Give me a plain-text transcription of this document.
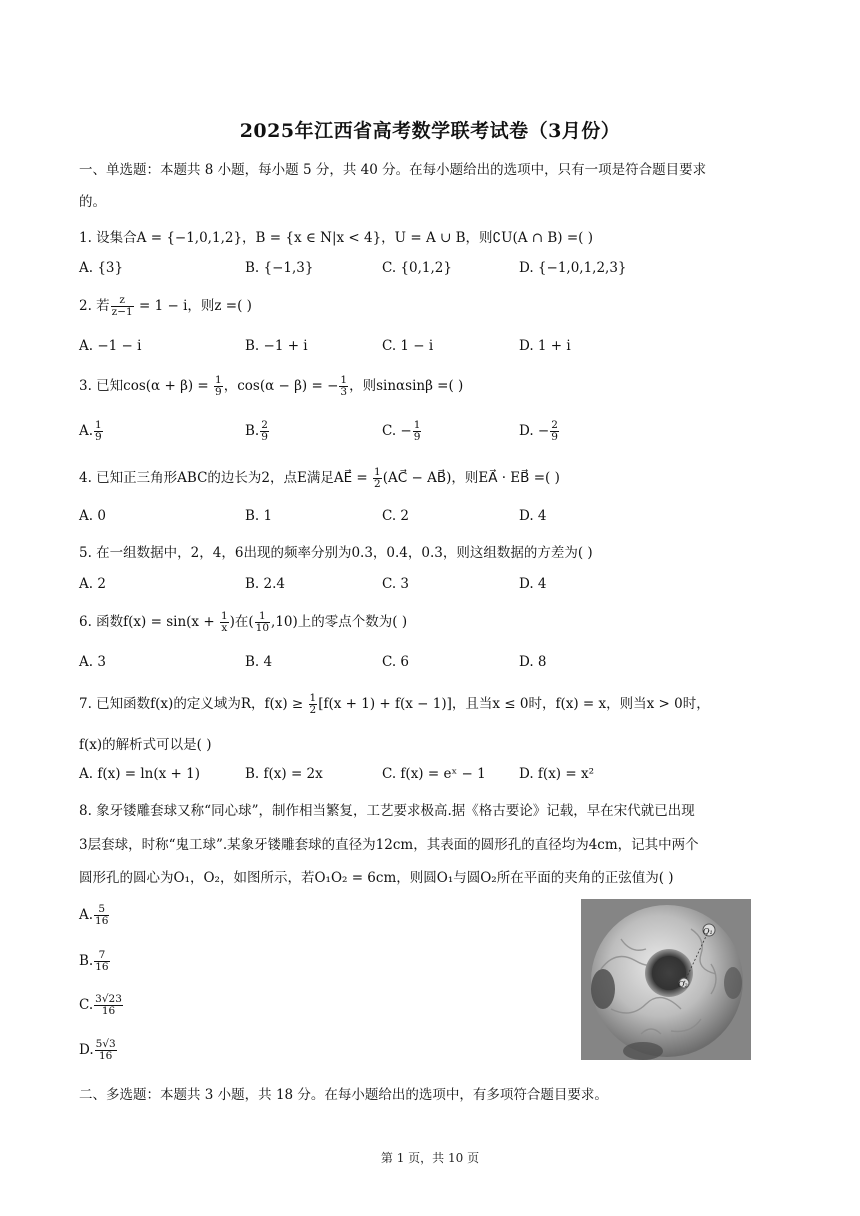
2025年江西省高考数学联考试卷（3月份）
一、单选题：本题共 8 小题，每小题 5 分，共 40 分。在每小题给出的选项中，只有一项是符合题目要求
的。
1. 设集合A = {−1,0,1,2}，B = {x ∈ N|x < 4}，U = A ∪ B，则∁U(A ∩ B) =( )
A. {3}	B. {−1,3}	C. {0,1,2}	D. {−1,0,1,2,3}
2. 若 $\frac{z}{z-1} = 1 - i$，则z =( )
A. −1 − i	B. −1 + i	C. 1 − i	D. 1 + i
3. 已知$\cos(\alpha + \beta) = \frac{1}{9}$ ，cos(α − β) = − $\frac{1}{3}$ ，则sinαsinβ =( )
A. $\frac{1}{9}$	B. $\frac{2}{9}$	C. − $\frac{1}{9}$	D. − $\frac{2}{9}$
4. 已知正三角形ABC的边长为2，点E满足AE⃗ = $\frac{1}{2}$ (AC⃗ − AB⃗)，则EA⃗ · EB⃗ =( )
A. 0	B. 1	C. 2	D. 4
5. 在一组数据中，2，4，6出现的频率分别为0.3，0.4，0.3，则这组数据的方差为( )
A. 2	B. 2.4	C. 3	D. 4
6. 函数$f(x) = \sin(x + \frac{1}{x}$ )在( $\frac{1}{10} ,10$)上的零点个数为( )
A. 3	B. 4	C. 6	D. 8
7. 已知函数f(x)的定义域为R，$f(x) \ge \frac{1}{2} [f(x + 1) + f(x - 1)]$，且当x ≤ 0时，f(x) = x，则当x > 0时，
f(x)的解析式可以是( )
A. f(x) = ln(x + 1)	B. f(x) = 2x	C. f(x) = eˣ − 1 D. f(x) = x²
8. 象牙镂雕套球又称“同心球”，制作相当繁复，工艺要求极高.据《格古要论》记载，早在宋代就已出现
3层套球，时称“鬼工球”.某象牙镂雕套球的直径为12cm，其表面的圆形孔的直径均为4cm，记其中两个
圆形孔的圆心为O₁，O₂，如图所示，若O₁O₂ = 6cm，则圆O₁与圆O₂所在平面的夹角的正弦值为( )
A. $\frac{5}{16}$
B. $\frac{7}{16}$
C. $\frac{3√23}{16}$
D. $\frac{5√3}{16}$
O₁
O₂
二、多选题：本题共 3 小题，共 18 分。在每小题给出的选项中，有多项符合题目要求。
第 1 页，共 10 页
